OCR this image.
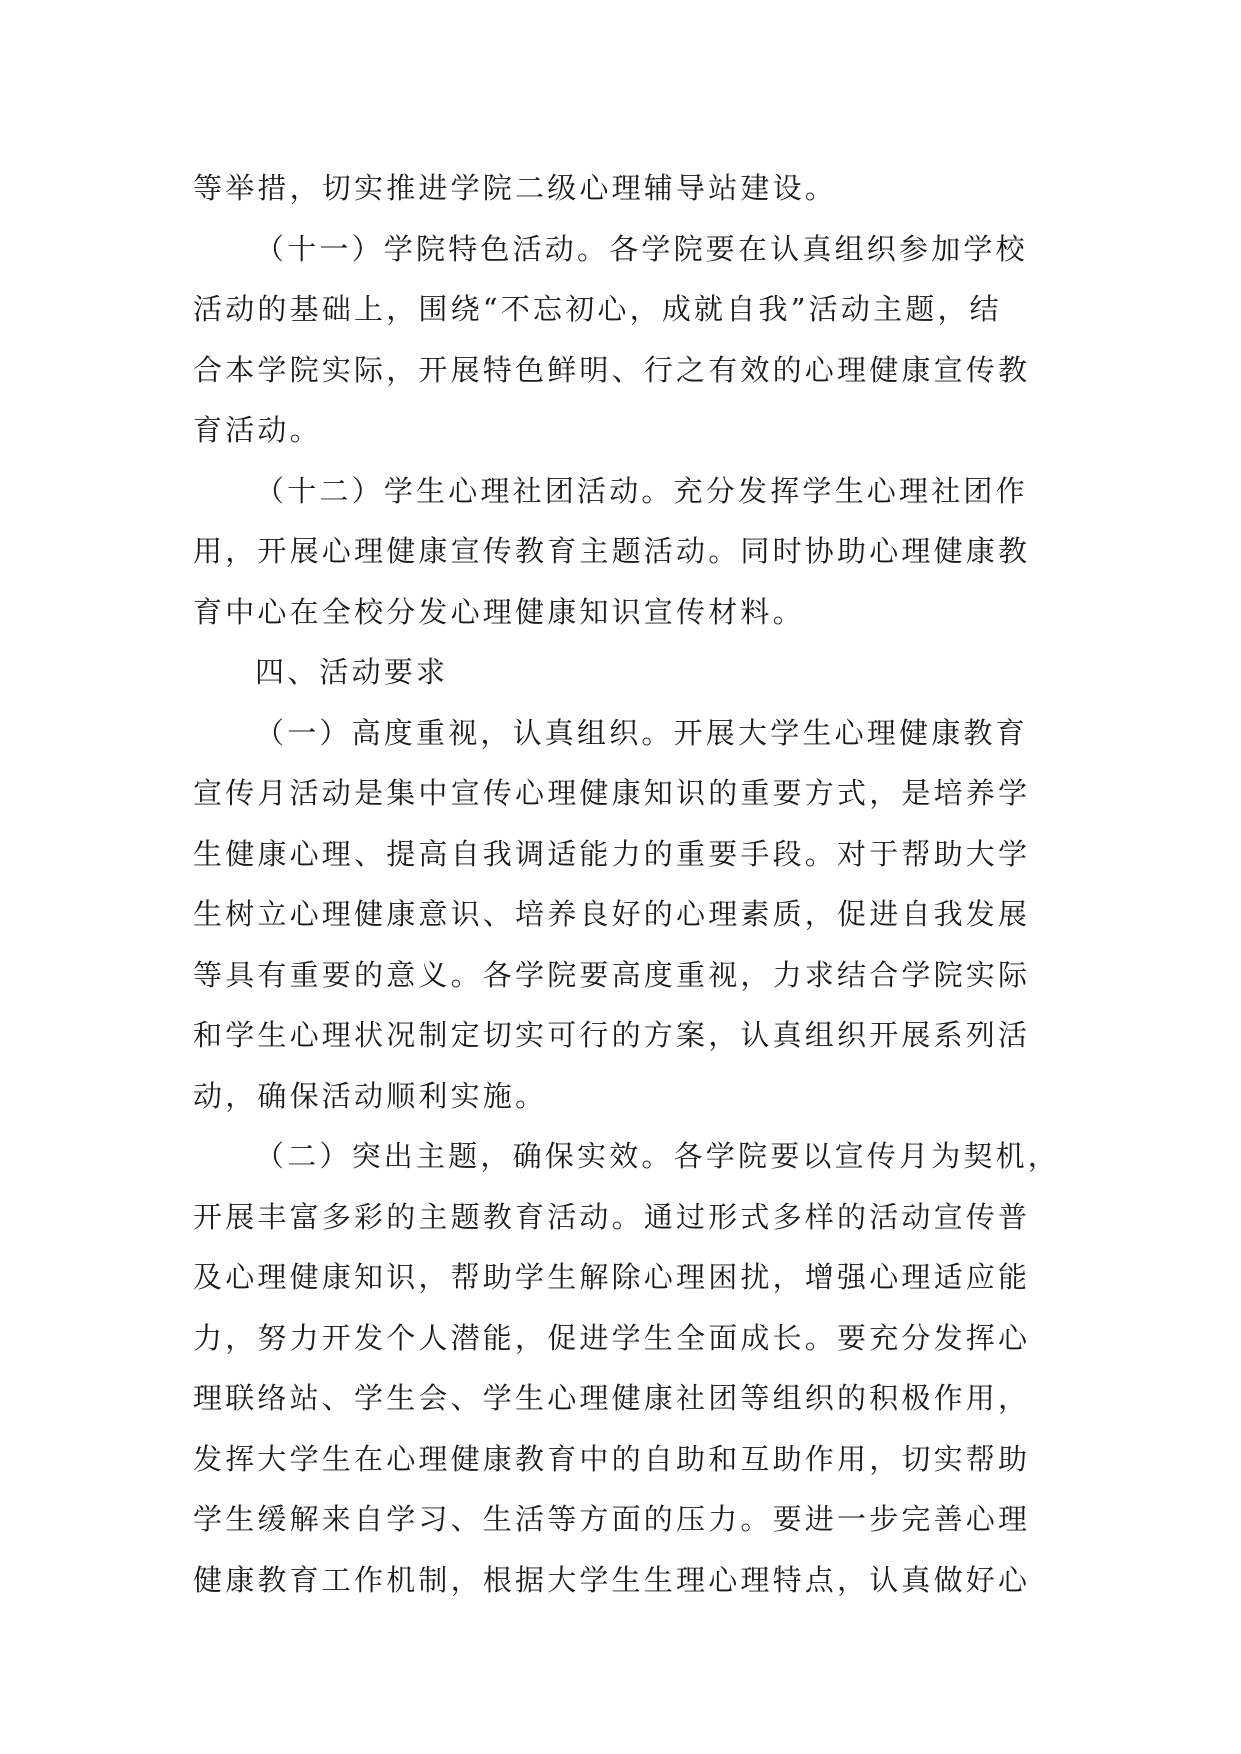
等举措，切实推进学院二级心理辅导站建设。
（十一）学院特色活动。各学院要在认真组织参加学校
活动的基础上，围绕“不忘初心，成就自我”活动主题，结
合本学院实际，开展特色鲜明、行之有效的心理健康宣传教
育活动。
（十二）学生心理社团活动。充分发挥学生心理社团作
用，开展心理健康宣传教育主题活动。同时协助心理健康教
育中心在全校分发心理健康知识宣传材料。
四、活动要求
（一）高度重视，认真组织。开展大学生心理健康教育
宣传月活动是集中宣传心理健康知识的重要方式，是培养学
生健康心理、提高自我调适能力的重要手段。对于帮助大学
生树立心理健康意识、培养良好的心理素质，促进自我发展
等具有重要的意义。各学院要高度重视，力求结合学院实际
和学生心理状况制定切实可行的方案，认真组织开展系列活
动，确保活动顺利实施。
（二）突出主题，确保实效。各学院要以宣传月为契机，
开展丰富多彩的主题教育活动。通过形式多样的活动宣传普
及心理健康知识，帮助学生解除心理困扰，增强心理适应能
力，努力开发个人潜能，促进学生全面成长。要充分发挥心
理联络站、学生会、学生心理健康社团等组织的积极作用，
发挥大学生在心理健康教育中的自助和互助作用，切实帮助
学生缓解来自学习、生活等方面的压力。要进一步完善心理
健康教育工作机制，根据大学生生理心理特点，认真做好心
